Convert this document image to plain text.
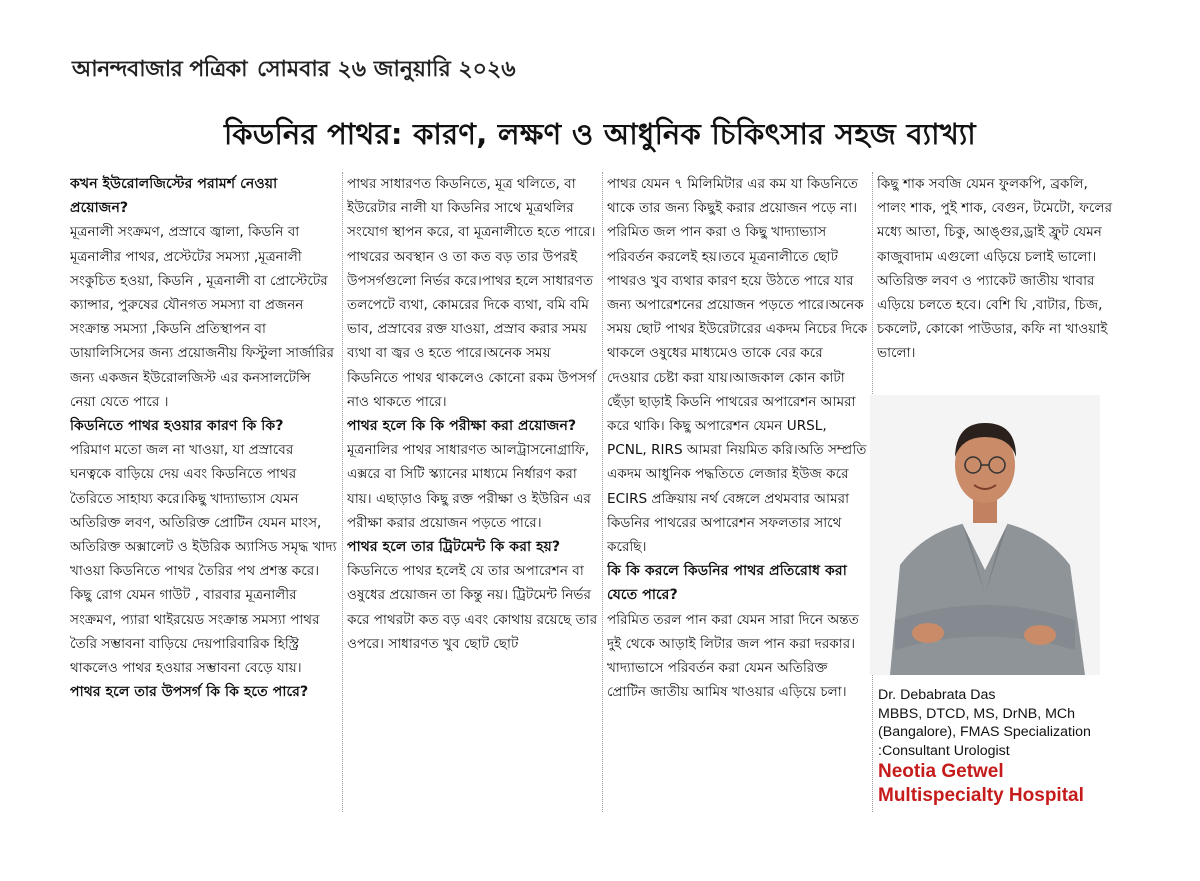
আনন্দবাজার পত্রিকা সোমবার ২৬ জানুয়ারি ২০২৬
কিডনির পাথর: কারণ, লক্ষণ ও আধুনিক চিকিৎসার সহজ ব্যাখ্যা
কখন ইউরোলজিস্টের পরামর্শ নেওয়া প্রয়োজন?

মূত্রনালী সংক্রমণ, প্রস্রাবে জ্বালা, কিডনি বা মূত্রনালীর পাথর, প্রস্টেটের সমস্যা ,মূত্রনালী সংকুচিত হওয়া, কিডনি , মূত্রনালী বা প্রোস্টেটের ক্যান্সার, পুরুষের যৌনগত সমস্যা বা প্রজনন সংক্রান্ত সমস্যা ,কিডনি প্রতিস্থাপন বা ডায়ালিসিসের জন্য প্রয়োজনীয় ফিস্টুলা সার্জারির জন্য একজন ইউরোলজিস্ট এর কনসালটেন্সি নেয়া যেতে পারে ।

কিডনিতে পাথর হওয়ার কারণ কি কি?

পরিমাণ মতো জল না খাওয়া, যা প্রস্রাবের ঘনত্বকে বাড়িয়ে দেয় এবং কিডনিতে পাথর তৈরিতে সাহায্য করে।কিছু খাদ্যাভ্যাস যেমন অতিরিক্ত লবণ, অতিরিক্ত প্রোটিন যেমন মাংস, অতিরিক্ত অক্সালেট ও ইউরিক অ্যাসিড সমৃদ্ধ খাদ্য খাওয়া কিডনিতে পাথর তৈরির পথ প্রশস্ত করে।কিছু রোগ যেমন গাউট , বারবার মূত্রনালীর সংক্রমণ, প্যারা থাইরয়েড সংক্রান্ত সমস্যা পাথর তৈরি সম্ভাবনা বাড়িয়ে দেয়পারিবারিক হিস্ট্রি থাকলেও পাথর হওয়ার সম্ভাবনা বেড়ে যায়।

পাথর হলে তার উপসর্গ কি কি হতে পারে?

পাথর সাধারণত কিডনিতে, মূত্র থলিতে, বা ইউরেটার নালী যা কিডনির সাথে মূত্রথলির সংযোগ স্থাপন করে, বা মূত্রনালীতে হতে পারে।পাথরের অবস্থান ও তা কত বড় তার উপরই উপসর্গগুলো নির্ভর করে।পাথর হলে সাধারণত তলপেটে ব্যথা, কোমরের দিকে ব্যথা, বমি বমি ভাব, প্রস্রাবের রক্ত যাওয়া, প্রস্রাব করার সময় ব্যথা বা জ্বর ও হতে পারে।অনেক সময় কিডনিতে পাথর থাকলেও কোনো রকম উপসর্গ নাও থাকতে পারে।

পাথর হলে কি কি পরীক্ষা করা প্রয়োজন?

মূত্রনালির পাথর সাধারণত আলট্রাসনোগ্রাফি, এক্সরে বা সিটি স্ক্যানের মাধ্যমে নির্ধারণ করা যায়। এছাড়াও কিছু রক্ত পরীক্ষা ও ইউরিন এর পরীক্ষা করার প্রয়োজন পড়তে পারে।

পাথর হলে তার ট্রিটমেন্ট কি করা হয়?

কিডনিতে পাথর হলেই যে তার অপারেশন বা ওষুধের প্রয়োজন তা কিন্তু নয়। ট্রিটমেন্ট নির্ভর করে পাথরটা কত বড় এবং কোথায় রয়েছে তার ওপরে। সাধারণত খুব ছোট ছোট

পাথর যেমন ৭ মিলিমিটার এর কম যা কিডনিতে থাকে তার জন্য কিছুই করার প্রয়োজন পড়ে না। পরিমিত জল পান করা ও কিছু খাদ্যাভ্যাস পরিবর্তন করলেই হয়।তবে মূত্রনালীতে ছোট পাথরও খুব ব্যথার কারণ হয়ে উঠতে পারে যার জন্য অপারেশনের প্রয়োজন পড়তে পারে।অনেক সময় ছোট পাথর ইউরেটারের একদম নিচের দিকে থাকলে ওষুধের মাধ্যমেও তাকে বের করে দেওয়ার চেষ্টা করা যায়।আজকাল কোন কাটা ছেঁড়া ছাড়াই কিডনি পাথরের অপারেশন আমরা করে থাকি। কিছু অপারেশন যেমন URSL, PCNL, RIRS আমরা নিয়মিত করি।অতি সম্প্রতি একদম আধুনিক পদ্ধতিতে লেজার ইউজ করে ECIRS প্রক্রিয়ায় নর্থ বেঙ্গলে প্রথমবার আমরা কিডনির পাথরের অপারেশন সফলতার সাথে করেছি।

কি কি করলে কিডনির পাথর প্রতিরোধ করা যেতে পারে?

পরিমিত তরল পান করা যেমন সারা দিনে অন্তত দুই থেকে আড়াই লিটার জল পান করা দরকার।খাদ্যাভাসে পরিবর্তন করা যেমন অতিরিক্ত প্রোটিন জাতীয় আমিষ খাওয়ার এড়িয়ে চলা।

কিছু শাক সবজি যেমন ফুলকপি, ব্রকলি, পালং শাক, পুই শাক, বেগুন, টমেটো, ফলের মধ্যে আতা, চিকু, আঙ্গুর,ড্রাই ফ্রুট যেমন কাজুবাদাম এগুলো এড়িয়ে চলাই ভালো। অতিরিক্ত লবণ ও প্যাকেট জাতীয় খাবার এড়িয়ে চলতে হবে। বেশি ঘি ,বাটার, চিজ, চকলেট, কোকো পাউডার, কফি না খাওয়াই ভালো।

Dr. Debabrata Das
MBBS, DTCD, MS, DrNB, MCh
(Bangalore), FMAS Specialization
:Consultant Urologist
Neotia Getwel
Multispecialty Hospital
